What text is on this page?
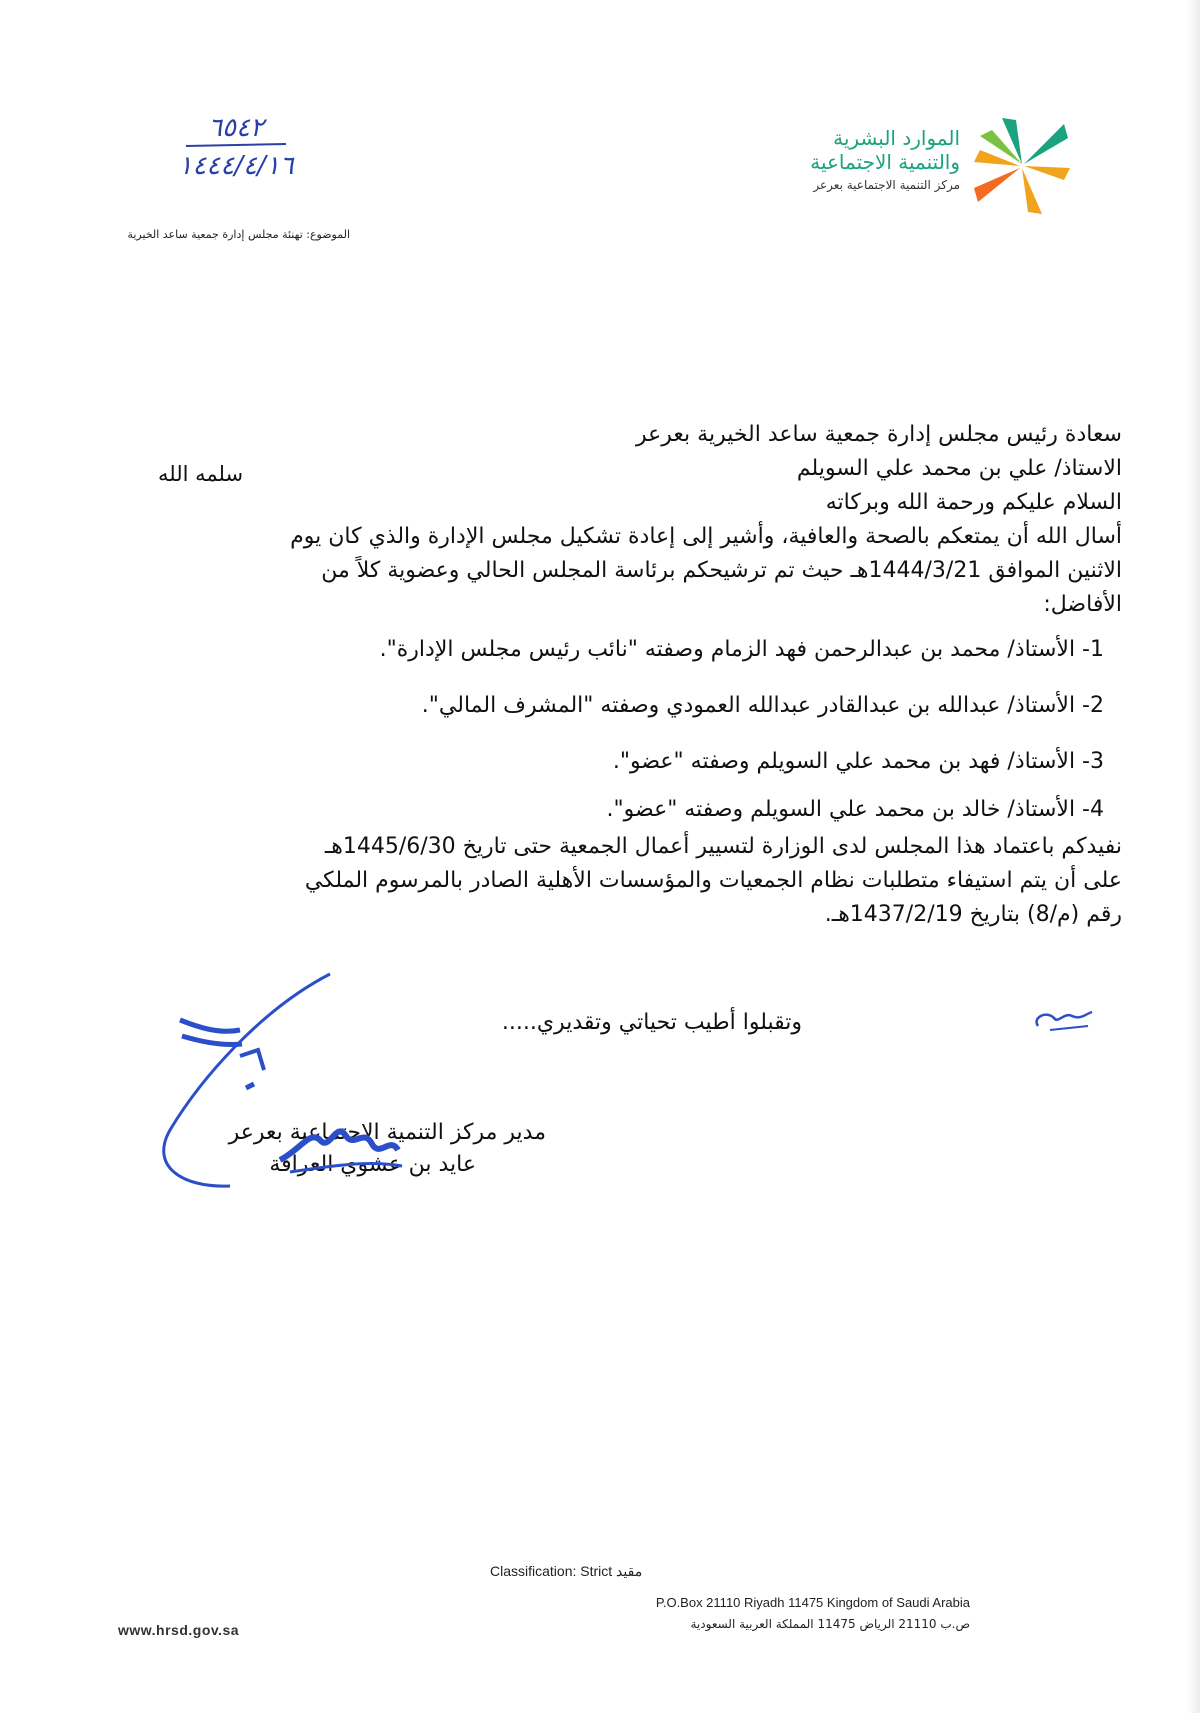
الموارد البشرية
والتنمية الاجتماعية
مركز التنمية الاجتماعية بعرعر
٦٥٤٢
١٤٤٤/٤/١٦
الموضوع: تهنئة مجلس إدارة جمعية ساعد الخيرية
سعادة رئيس مجلس إدارة جمعية ساعد الخيرية بعرعر
الاستاذ/ علي بن محمد علي السويلم
السلام عليكم ورحمة الله وبركاته
أسال الله أن يمتعكم بالصحة والعافية، وأشير إلى إعادة تشكيل مجلس الإدارة والذي كان يوم
الاثنين الموافق 1444/3/21هـ حيث تم ترشيحكم برئاسة المجلس الحالي وعضوية كلاً من
الأفاضل:
1- الأستاذ/ محمد بن عبدالرحمن فهد الزمام وصفته "نائب رئيس مجلس الإدارة".
2- الأستاذ/ عبدالله بن عبدالقادر عبدالله العمودي وصفته "المشرف المالي".
3- الأستاذ/ فهد بن محمد علي السويلم وصفته "عضو".
4- الأستاذ/ خالد بن محمد علي السويلم وصفته "عضو".
نفيدكم باعتماد هذا المجلس لدى الوزارة لتسيير أعمال الجمعية حتى تاريخ 1445/6/30هـ
على أن يتم استيفاء متطلبات نظام الجمعيات والمؤسسات الأهلية الصادر بالمرسوم الملكي
رقم (م/8) بتاريخ 1437/2/19هـ.
سلمه الله
وتقبلوا أطيب تحياتي وتقديري.....
مدير مركز التنمية الاجتماعية بعرعر
عايد بن عشوي العرافة
Classification: Strict مقيد
P.O.Box 21110 Riyadh 11475 Kingdom of Saudi Arabia
ص.ب 21110 الرياض 11475 المملكة العربية السعودية
www.hrsd.gov.sa
